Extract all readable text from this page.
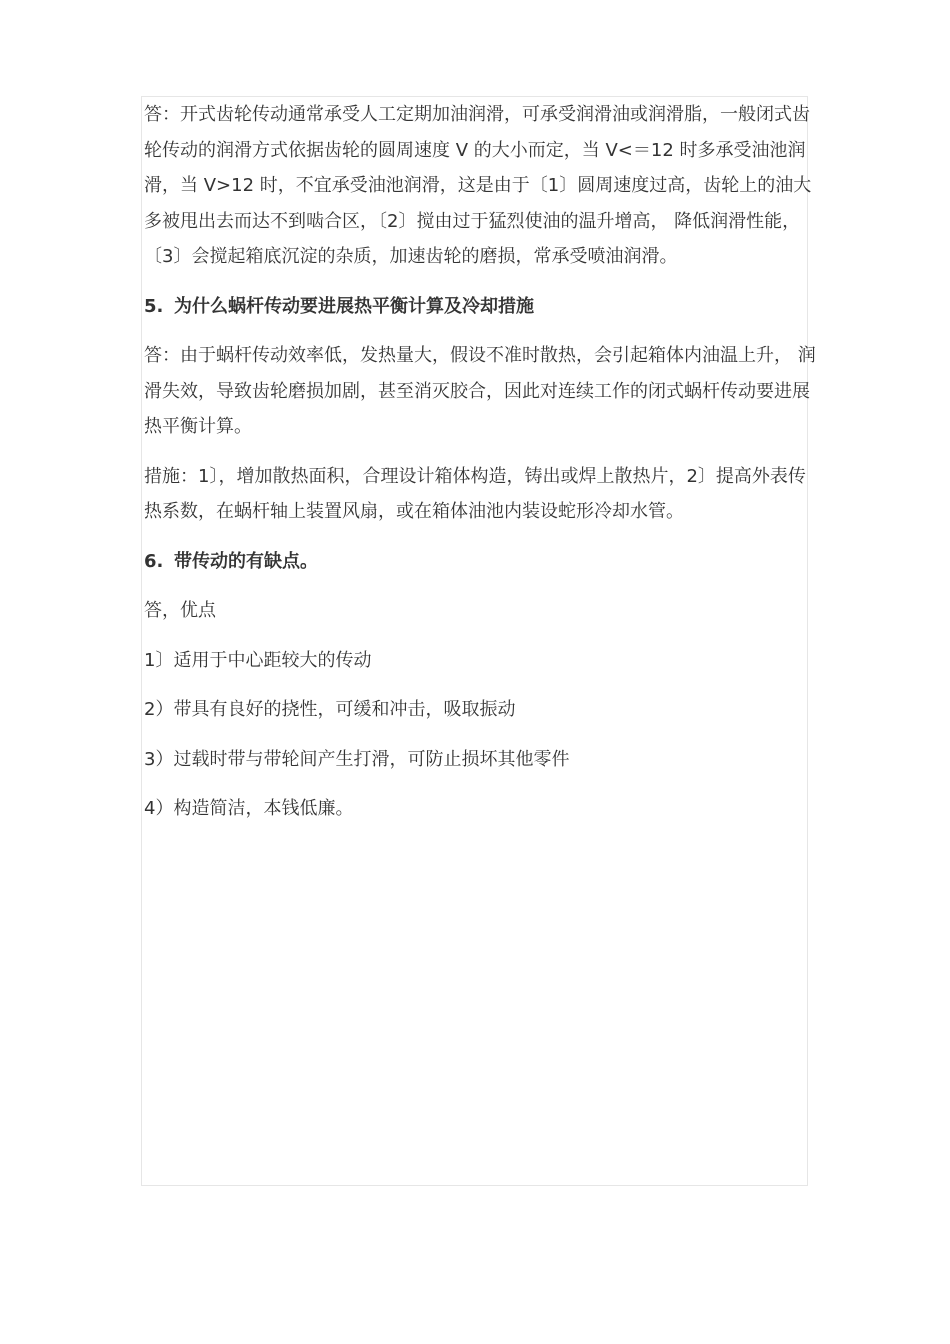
答：开式齿轮传动通常承受人工定期加油润滑，可承受润滑油或润滑脂，一般闭式齿轮传动的润滑方式依据齿轮的圆周速度 V 的大小而定，当 V<＝12 时多承受油池润滑，当 V>12 时，不宜承受油池润滑，这是由于〔1〕圆周速度过高，齿轮上的油大多被甩出去而达不到啮合区，〔2〕搅由过于猛烈使油的温升增高， 降低润滑性能，〔3〕会搅起箱底沉淀的杂质，加速齿轮的磨损，常承受喷油润滑。

5. 为什么蜗杆传动要进展热平衡计算及冷却措施

答：由于蜗杆传动效率低，发热量大，假设不准时散热，会引起箱体内油温上升， 润滑失效，导致齿轮磨损加剧，甚至消灭胶合，因此对连续工作的闭式蜗杆传动要进展热平衡计算。

措施：1〕，增加散热面积，合理设计箱体构造，铸出或焊上散热片，2〕提高外表传热系数，在蜗杆轴上装置风扇，或在箱体油池内装设蛇形冷却水管。

6. 带传动的有缺点。

答，优点

1〕适用于中心距较大的传动

2）带具有良好的挠性，可缓和冲击，吸取振动

3）过载时带与带轮间产生打滑，可防止损坏其他零件

4）构造简洁，本钱低廉。
